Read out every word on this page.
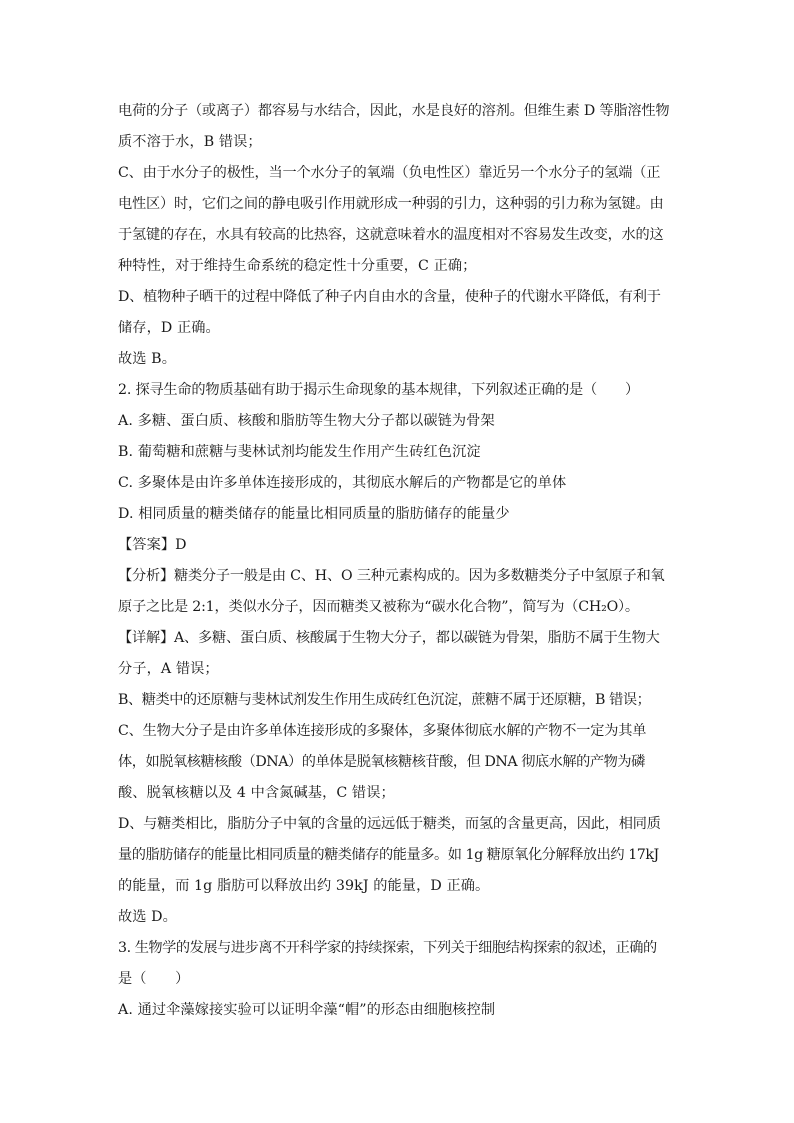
电荷的分子（或离子）都容易与水结合，因此，水是良好的溶剂。但维生素 D 等脂溶性物
质不溶于水，B 错误；
C、由于水分子的极性，当一个水分子的氧端（负电性区）靠近另一个水分子的氢端（正
电性区）时，它们之间的静电吸引作用就形成一种弱的引力，这种弱的引力称为氢键。由
于氢键的存在，水具有较高的比热容，这就意味着水的温度相对不容易发生改变，水的这
种特性，对于维持生命系统的稳定性十分重要，C 正确；
D、植物种子晒干的过程中降低了种子内自由水的含量，使种子的代谢水平降低，有利于
储存，D 正确。
故选 B。
2. 探寻生命的物质基础有助于揭示生命现象的基本规律，下列叙述正确的是（　　）
A. 多糖、蛋白质、核酸和脂肪等生物大分子都以碳链为骨架
B. 葡萄糖和蔗糖与斐林试剂均能发生作用产生砖红色沉淀
C. 多聚体是由许多单体连接形成的，其彻底水解后的产物都是它的单体
D. 相同质量的糖类储存的能量比相同质量的脂肪储存的能量少
【答案】D
【分析】糖类分子一般是由 C、H、O 三种元素构成的。因为多数糖类分子中氢原子和氧
原子之比是 2:1，类似水分子，因而糖类又被称为“碳水化合物”，简写为（CH₂O）。
【详解】A、多糖、蛋白质、核酸属于生物大分子，都以碳链为骨架，脂肪不属于生物大
分子，A 错误；
B、糖类中的还原糖与斐林试剂发生作用生成砖红色沉淀，蔗糖不属于还原糖，B 错误；
C、生物大分子是由许多单体连接形成的多聚体，多聚体彻底水解的产物不一定为其单
体，如脱氧核糖核酸（DNA）的单体是脱氧核糖核苷酸，但 DNA 彻底水解的产物为磷
酸、脱氧核糖以及 4 中含氮碱基，C 错误；
D、与糖类相比，脂肪分子中氧的含量的远远低于糖类，而氢的含量更高，因此，相同质
量的脂肪储存的能量比相同质量的糖类储存的能量多。如 1g 糖原氧化分解释放出约 17kJ
的能量，而 1g 脂肪可以释放出约 39kJ 的能量，D 正确。
故选 D。
3. 生物学的发展与进步离不开科学家的持续探索，下列关于细胞结构探索的叙述，正确的
是（　　）
A. 通过伞藻嫁接实验可以证明伞藻“帽”的形态由细胞核控制
